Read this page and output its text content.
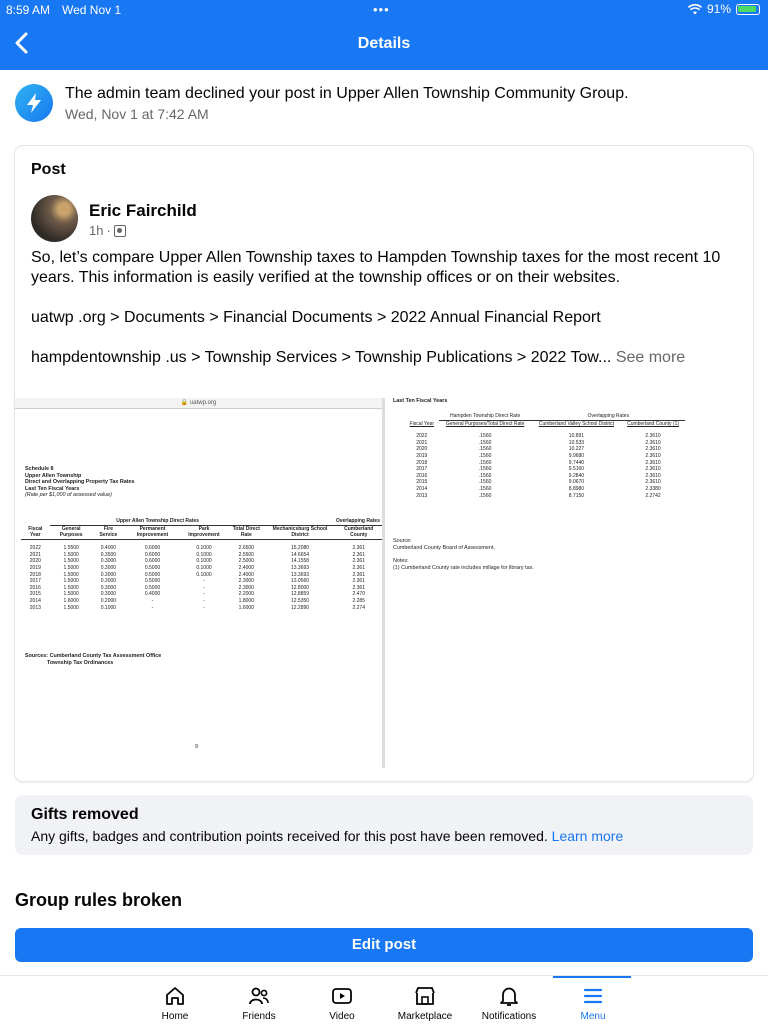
8:59 AM Wed Nov 1	•••	91%
Details
The admin team declined your post in Upper Allen Township Community Group.
Wed, Nov 1 at 7:42 AM
Post
Eric Fairchild
1h ·

So, let’s compare Upper Allen Township taxes to Hampden Township taxes for the most recent 10 years. This information is easily verified at the township offices or on their websites.

uatwp .org > Documents > Financial Documents > 2022 Annual Financial Report

hampdentownship .us > Township Services > Township Publications > 2022 Tow... See more
🔒 uatwp.org
Schedule 8
Upper Allen Township
Direct and Overlapping Property Tax Rates
Last Ten Fiscal Years
(Rate per $1,000 of assessed value)
	Upper Allen Township Direct Rates					Overlapping Rates	
Fiscal Year	General Purposes	Fire Service	Permanent Improvement	Park Improvement	Total Direct Rate	Mechanicsburg School District	Cumberland County

2022	1.5500	0.4000	0.6000	0.1000	2.6500	15.2080	2.361
2021	1.5000	0.3500	0.6000	0.1000	2.5500	14.6654	2.361
2020	1.5000	0.3000	0.6000	0.1000	2.5000	14.1558	2.361
2019	1.5000	0.3000	0.5000	0.1000	2.4000	13.3693	2.361
2018	1.5000	0.3000	0.5000	0.1000	2.4000	13.3693	2.361
2017	1.5000	0.3000	0.5000	-	2.3000	13.0560	2.361
2016	1.5000	0.3000	0.5000	-	2.3000	12.8000	2.361
2015	1.5000	0.3000	0.4000	-	2.2000	12.8859	2.470
2014	1.6000	0.2000	-	-	1.8000	12.5350	2.285
2013	1.5000	0.1000	-	-	1.6000	12.2890	2.274
Sources: Cumberland County Tax Assessment Office
Township Tax Ordinances
9
Last Ten Fiscal Years
	Hampden Township Direct Rate	Overlapping Rates	
Fiscal Year	General Purposes/Total Direct Rate	Cumberland Valley School District	Cumberland County (1)

2022	.1560	10.891	2.3610
2021	.1560	10.533	2.3610
2020	.1560	10.227	2.3610
2019	.1560	9.9680	2.3610
2018	.1560	9.7440	2.3610
2017	.1560	9.5160	2.3610
2016	.1560	9.2840	2.3610
2015	.1560	9.0670	2.3610
2014	.1560	8.8980	2.3380
2013	.1560	8.7150	2.2742
Source:
Cumberland County Board of Assessment.
Notes:
(1) Cumberland County rate includes millage for library tax.
Gifts removed
Any gifts, badges and contribution points received for this post have been removed. Learn more
Group rules broken
Edit post
Home	Friends	Video	Marketplace	Notifications	Menu
